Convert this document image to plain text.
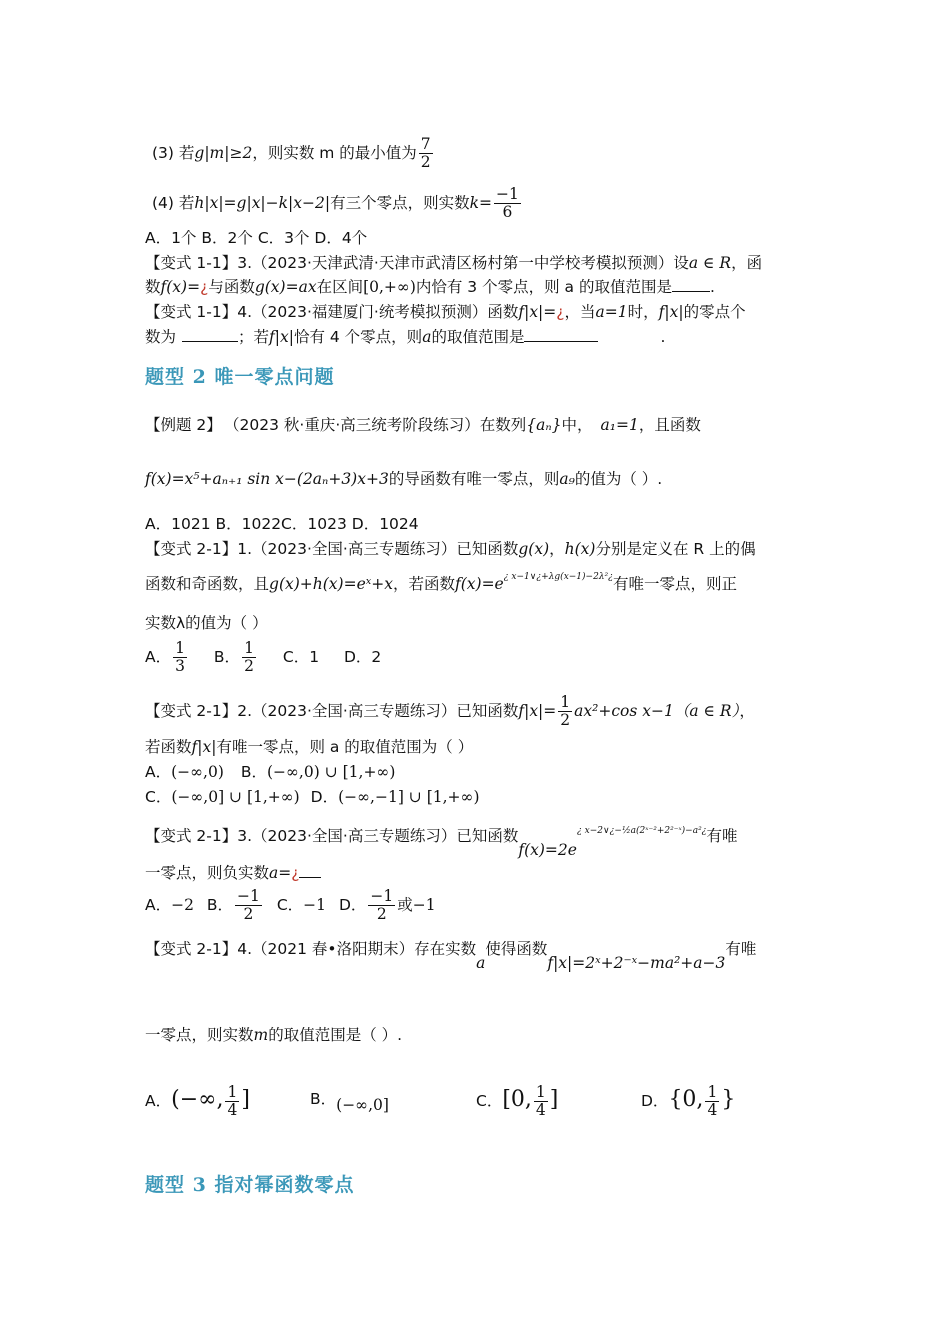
(3) 若g|m|≥2，则实数 m 的最小值为 $\frac{7}{2}$
(4) 若h|x|=g|x|−k|x−2|有三个零点，则实数$k= \frac{-1}{6}$
A．1个 B．2个 C．3个 D．4个
【变式 1-1】3.（2023·天津武清·天津市武清区杨村第一中学校考模拟预测）设a ∈ R，函
数f(x)=¿与函数g(x)=ax在区间[0,+∞)内恰有 3 个零点，则 a 的取值范围是 .
【变式 1-1】4.（2023·福建厦门·统考模拟预测）函数f|x|=¿，当a=1时，f|x|的零点个
数为	；若f|x|恰有 4 个零点，则a的取值范围是	.
题型 2 唯一零点问题
【例题 2】 （2023 秋·重庆·高三统考阶段练习）在数列{aₙ}中， a₁=1，且函数
f(x)=x⁵+aₙ₊₁ sin x−(2aₙ+3)x+3的导函数有唯一零点，则a₉的值为（ ）.
A．1021 B．1022C．1023 D．1024
【变式 2-1】1.（2023·全国·高三专题练习）已知函数g(x)，h(x)分别是定义在 R 上的偶
函数和奇函数，且g(x)+h(x)=eˣ+x，若函数$f(x)=e^{¿ x-1\vee¿+\lambda g(x-1)-2\lambda^2¿}$有唯一零点，则正
实数λ的值为（ ）
A． $\frac{1}{3}$ B． $\frac{1}{2}$ C．1 D．2
【变式 2-1】2.（2023·全国·高三专题练习）已知函数$f|x|= \frac{1}{2} ax^2+\cos$ x−1（a ∈ R），
若函数f|x|有唯一零点，则 a 的取值范围为（ ）
A．(−∞,0) B．(−∞,0) ∪ [1,+∞)
C．(−∞,0] ∪ [1,+∞) D．(−∞,−1] ∪ [1,+∞)
【变式 2-1】3.（2023·全国·高三专题练习）已知函数$f(x)=2e^{¿ x-2\vee¿-\frac{1}{2}a(2ˣ^{-2}+2^{2-}ˣ)-a^2¿}$有唯
一零点，则负实数a=¿
A．−2 B． $\frac{-1}{2}$ C．−1 D． $\frac{-1}{2}$ 或−1
【变式 2-1】4.（2021 春•洛阳期末）存在实数a使得函数f|x|=2ˣ+2⁻ˣ−ma²+a−3有唯
一零点，则实数m的取值范围是（ ）.
A．(−∞, $\frac{1}{4}$ ]	B．(−∞,0]	C．[0, $\frac{1}{4}$ ]	D．{0, $\frac{1}{4}$ }
题型 3 指对幂函数零点
